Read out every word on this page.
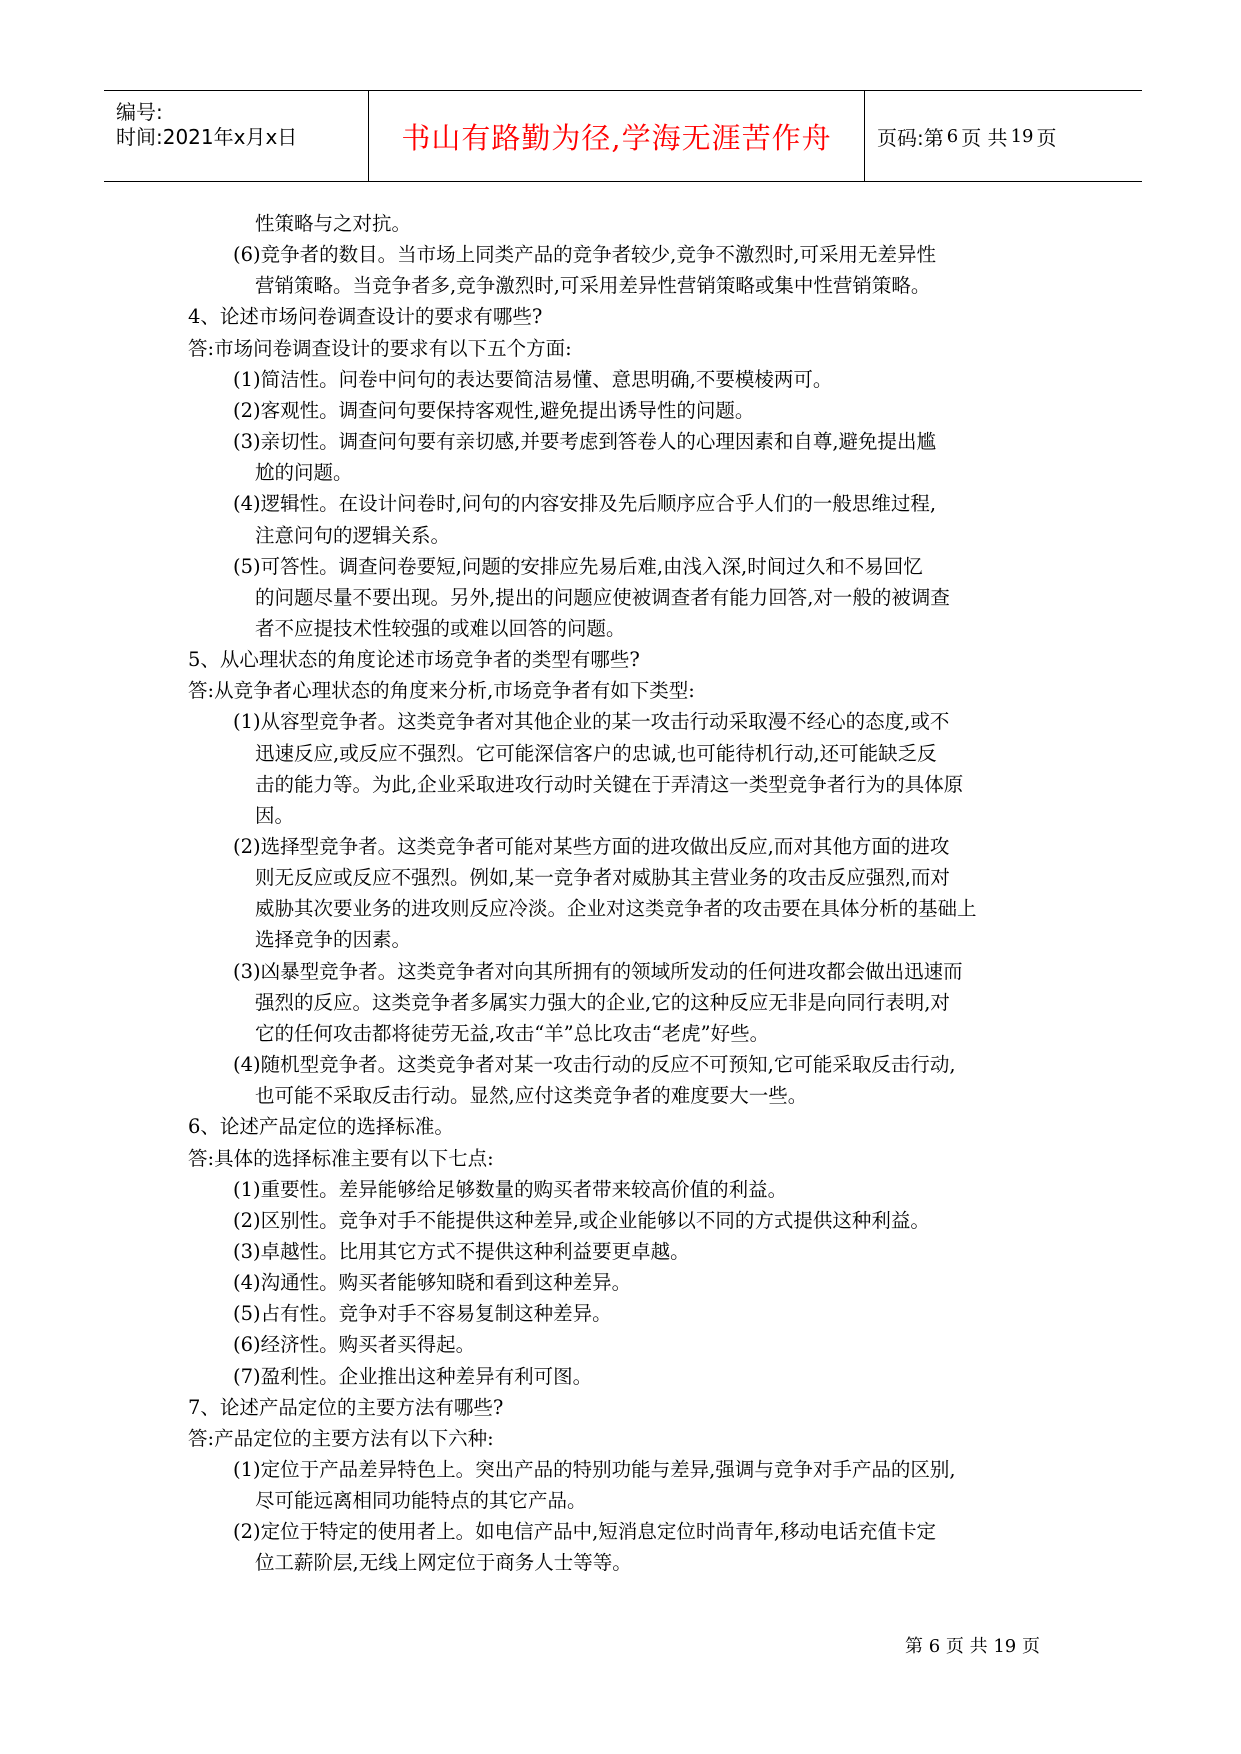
编号:
时间:2021年x月x日	书山有路勤为径,学海无涯苦作舟 页码:第 6 页 共 19 页
性策略与之对抗。
(6)竞争者的数目。当市场上同类产品的竞争者较少,竞争不激烈时,可采用无差异性
营销策略。当竞争者多,竞争激烈时,可采用差异性营销策略或集中性营销策略。
4、论述市场问卷调查设计的要求有哪些?
答:市场问卷调查设计的要求有以下五个方面:
(1)简洁性。问卷中问句的表达要简洁易懂、意思明确,不要模棱两可。
(2)客观性。调查问句要保持客观性,避免提出诱导性的问题。
(3)亲切性。调查问句要有亲切感,并要考虑到答卷人的心理因素和自尊,避免提出尴
尬的问题。
(4)逻辑性。在设计问卷时,问句的内容安排及先后顺序应合乎人们的一般思维过程,
注意问句的逻辑关系。
(5)可答性。调查问卷要短,问题的安排应先易后难,由浅入深,时间过久和不易回忆
的问题尽量不要出现。另外,提出的问题应使被调查者有能力回答,对一般的被调查
者不应提技术性较强的或难以回答的问题。
5、从心理状态的角度论述市场竞争者的类型有哪些?
答:从竞争者心理状态的角度来分析,市场竞争者有如下类型:
(1)从容型竞争者。这类竞争者对其他企业的某一攻击行动采取漫不经心的态度,或不
迅速反应,或反应不强烈。它可能深信客户的忠诚,也可能待机行动,还可能缺乏反
击的能力等。为此,企业采取进攻行动时关键在于弄清这一类型竞争者行为的具体原
因。
(2)选择型竞争者。这类竞争者可能对某些方面的进攻做出反应,而对其他方面的进攻
则无反应或反应不强烈。例如,某一竞争者对威胁其主营业务的攻击反应强烈,而对
威胁其次要业务的进攻则反应冷淡。企业对这类竞争者的攻击要在具体分析的基础上
选择竞争的因素。
(3)凶暴型竞争者。这类竞争者对向其所拥有的领域所发动的任何进攻都会做出迅速而
强烈的反应。这类竞争者多属实力强大的企业,它的这种反应无非是向同行表明,对
它的任何攻击都将徒劳无益,攻击“羊”总比攻击“老虎”好些。
(4)随机型竞争者。这类竞争者对某一攻击行动的反应不可预知,它可能采取反击行动,
也可能不采取反击行动。显然,应付这类竞争者的难度要大一些。
6、论述产品定位的选择标准。
答:具体的选择标准主要有以下七点:
(1)重要性。差异能够给足够数量的购买者带来较高价值的利益。
(2)区别性。竞争对手不能提供这种差异,或企业能够以不同的方式提供这种利益。
(3)卓越性。比用其它方式不提供这种利益要更卓越。
(4)沟通性。购买者能够知晓和看到这种差异。
(5)占有性。竞争对手不容易复制这种差异。
(6)经济性。购买者买得起。
(7)盈利性。企业推出这种差异有利可图。
7、论述产品定位的主要方法有哪些?
答:产品定位的主要方法有以下六种:
(1)定位于产品差异特色上。突出产品的特别功能与差异,强调与竞争对手产品的区别,
尽可能远离相同功能特点的其它产品。
(2)定位于特定的使用者上。如电信产品中,短消息定位时尚青年,移动电话充值卡定
位工薪阶层,无线上网定位于商务人士等等。
第 6 页 共 19 页
